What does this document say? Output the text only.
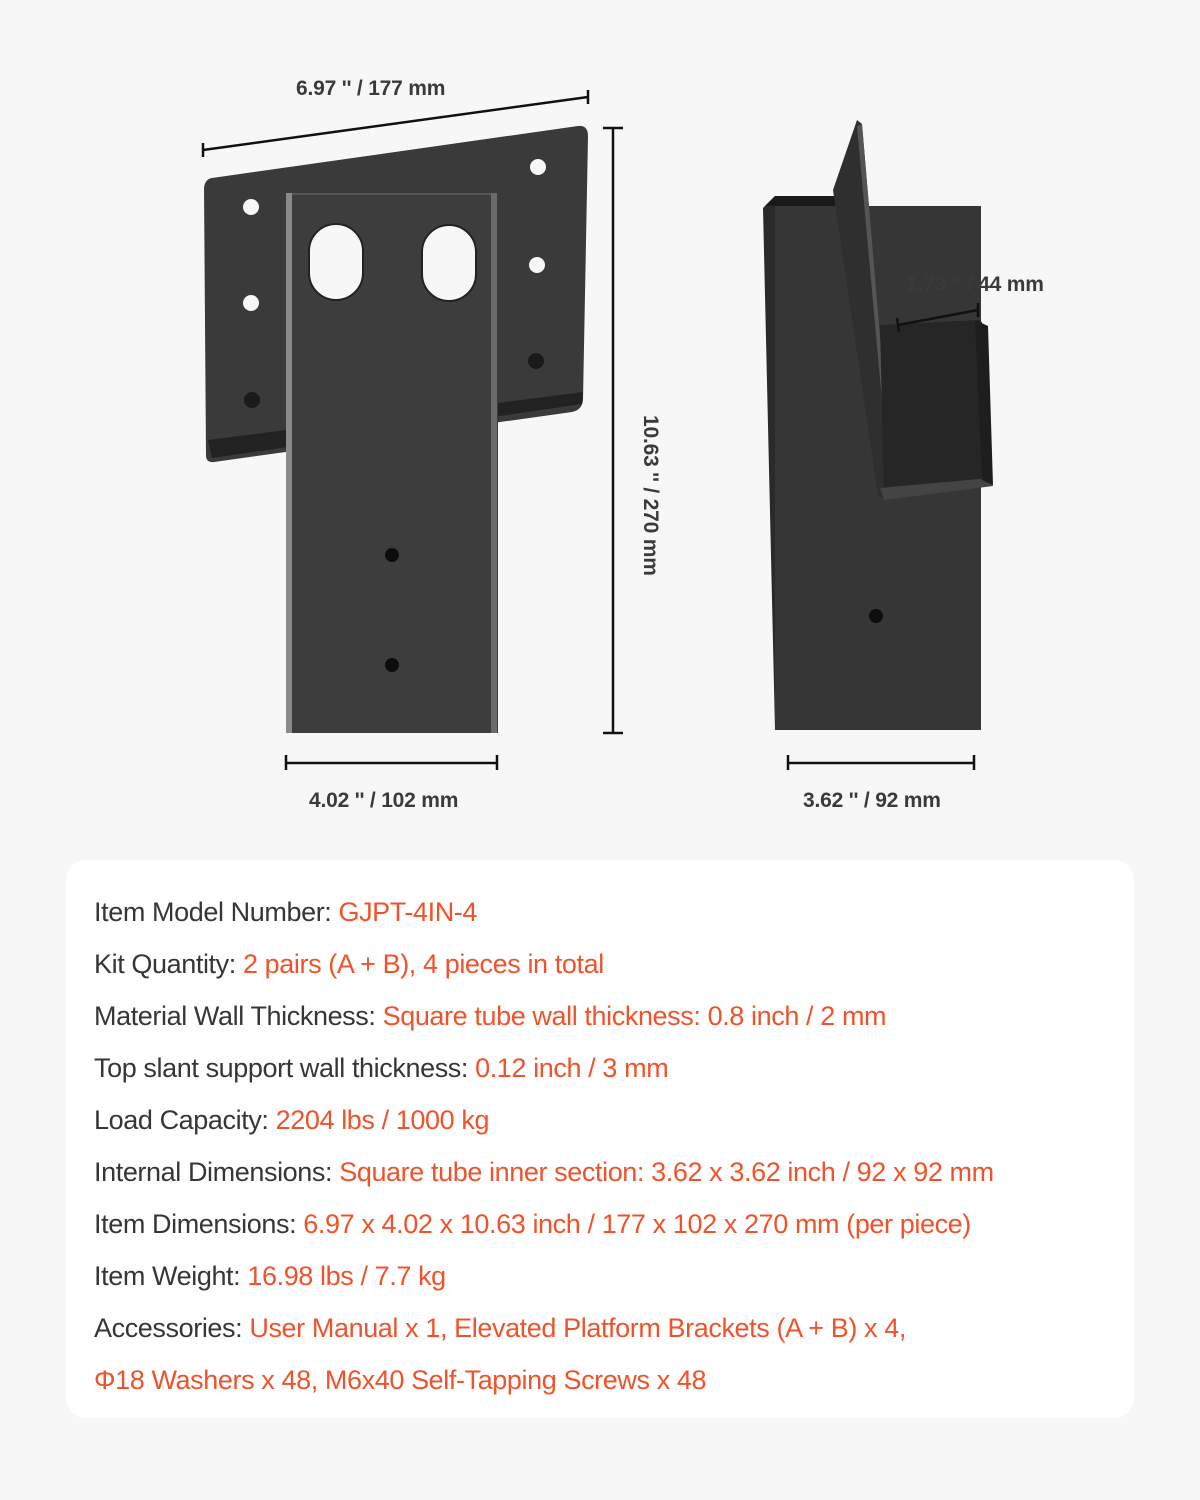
6.97 '' / 177 mm
10.63 '' / 270 mm
4.02 '' / 102 mm	3.62 '' / 92 mm
1.73 '' / 44 mm
Item Model Number: GJPT-4IN-4
Kit Quantity: 2 pairs (A + B), 4 pieces in total
Material Wall Thickness: Square tube wall thickness: 0.8 inch / 2 mm
Top slant support wall thickness: 0.12 inch / 3 mm
Load Capacity: 2204 lbs / 1000 kg
Internal Dimensions: Square tube inner section: 3.62 x 3.62 inch / 92 x 92 mm
Item Dimensions: 6.97 x 4.02 x 10.63 inch / 177 x 102 x 270 mm (per piece)
Item Weight: 16.98 lbs / 7.7 kg
Accessories: User Manual x 1, Elevated Platform Brackets (A + B) x 4,
Φ18 Washers x 48, M6x40 Self-Tapping Screws x 48
